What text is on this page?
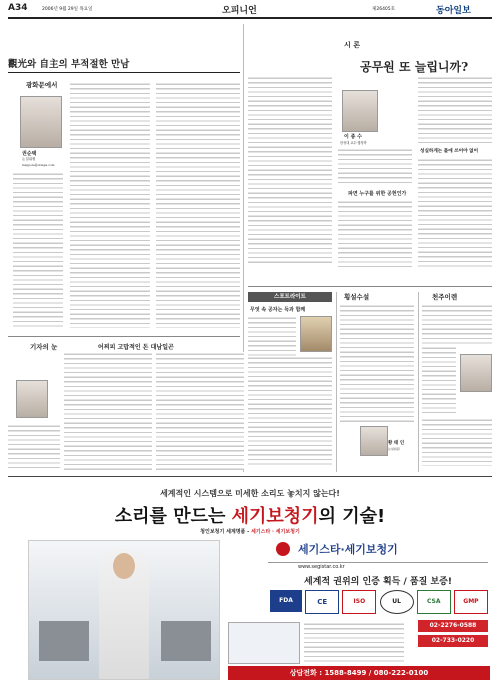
A34	2006년 9월 29일 목요일	오피니언	제26405호	동아일보
觀光와 自主의 부적절한 만남
광화문에서
권순택
논설위원
maypole@donga.com
시 론
공무원 또 늘립니까?
이 종 수
한성대 교수·행정학
파면 누구를 위한 공헌인가
성실하게는 틀에 쓰어야 없어
스포트라이트
무엇 속 공자는 득과 함께
횡설수설
황 태 인
논설위원
천주이렌
기자의 눈	어찌피 고맙적인 돈 대남일곤
세계적인 시스템으로 미세한 소리도 놓치지 않는다!
소리를 만드는 세기보청기의 기술!
청인보청기 세계명품 - 세기스타 · 세기보청기
세기스타·세기보청기
www.segistar.co.kr
세계적 권위의 인증 획득 / 품질 보증!
FDA	CE	ISO	UL	CSA	GMP
02-2276-0588
02-733-0220
상담전화 : 1588-8499 / 080-222-0100
